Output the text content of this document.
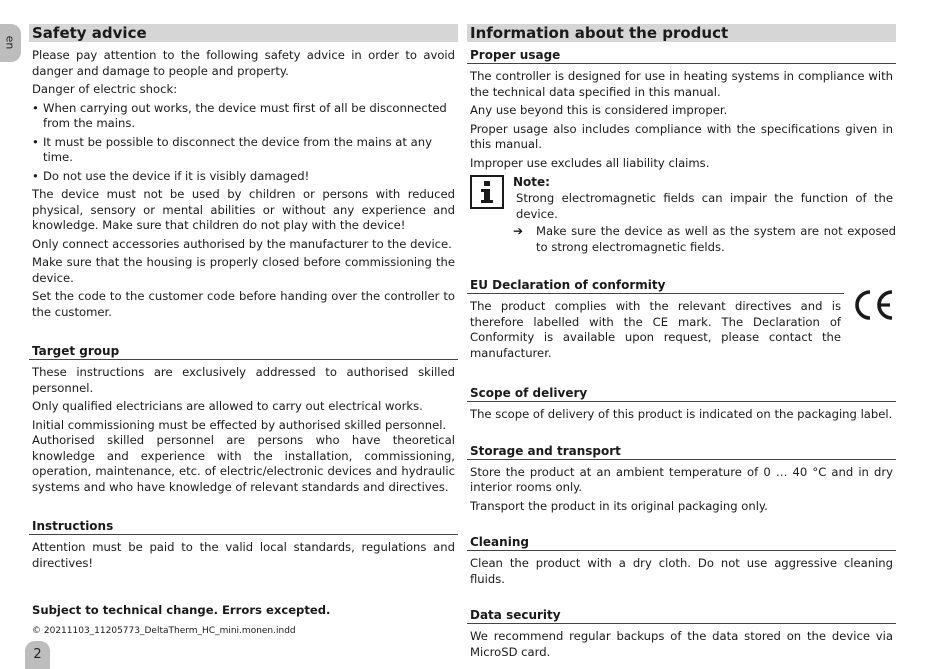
en
Safety advice

Please pay attention to the following safety advice in order to avoid danger and damage to people and property.

Danger of electric shock:

• When carrying out works, the device must first of all be disconnected from the mains.
• It must be possible to disconnect the device from the mains at any time.
• Do not use the device if it is visibly damaged!

The device must not be used by children or persons with reduced physical, sensory or mental abilities or without any experience and knowledge. Make sure that children do not play with the device!

Only connect accessories authorised by the manufacturer to the device.

Make sure that the housing is properly closed before commissioning the device.

Set the code to the customer code before handing over the controller to the customer.

Target group

These instructions are exclusively addressed to authorised skilled personnel.

Only qualified electricians are allowed to carry out electrical works.

Initial commissioning must be effected by authorised skilled personnel.

Authorised skilled personnel are persons who have theoretical knowledge and experience with the installation, commissioning, operation, maintenance, etc. of electric/electronic devices and hydraulic systems and who have knowledge of relevant standards and directives.

Instructions

Attention must be paid to the valid local standards, regulations and directives!

Information about the product
Proper usage

The controller is designed for use in heating systems in compliance with the technical data specified in this manual.

Any use beyond this is considered improper.

Proper usage also includes compliance with the specifications given in this manual.

Improper use excludes all liability claims.

Note:

Strong electromagnetic fields can impair the function of the device.

➔ Make sure the device as well as the system are not exposed to strong electromagnetic fields.
EU Declaration of conformity

The product complies with the relevant directives and is therefore labelled with the CE mark. The Declaration of Conformity is available upon request, please contact the manufacturer.

Scope of delivery

The scope of delivery of this product is indicated on the packaging label.

Storage and transport

Store the product at an ambient temperature of 0 … 40 °C and in dry interior rooms only.

Transport the product in its original packaging only.

Cleaning

Clean the product with a dry cloth. Do not use aggressive cleaning fluids.

Data security

We recommend regular backups of the data stored on the device via MicroSD card.

Subject to technical change. Errors excepted.
© 20211103_11205773_DeltaTherm_HC_mini.monen.indd
2
